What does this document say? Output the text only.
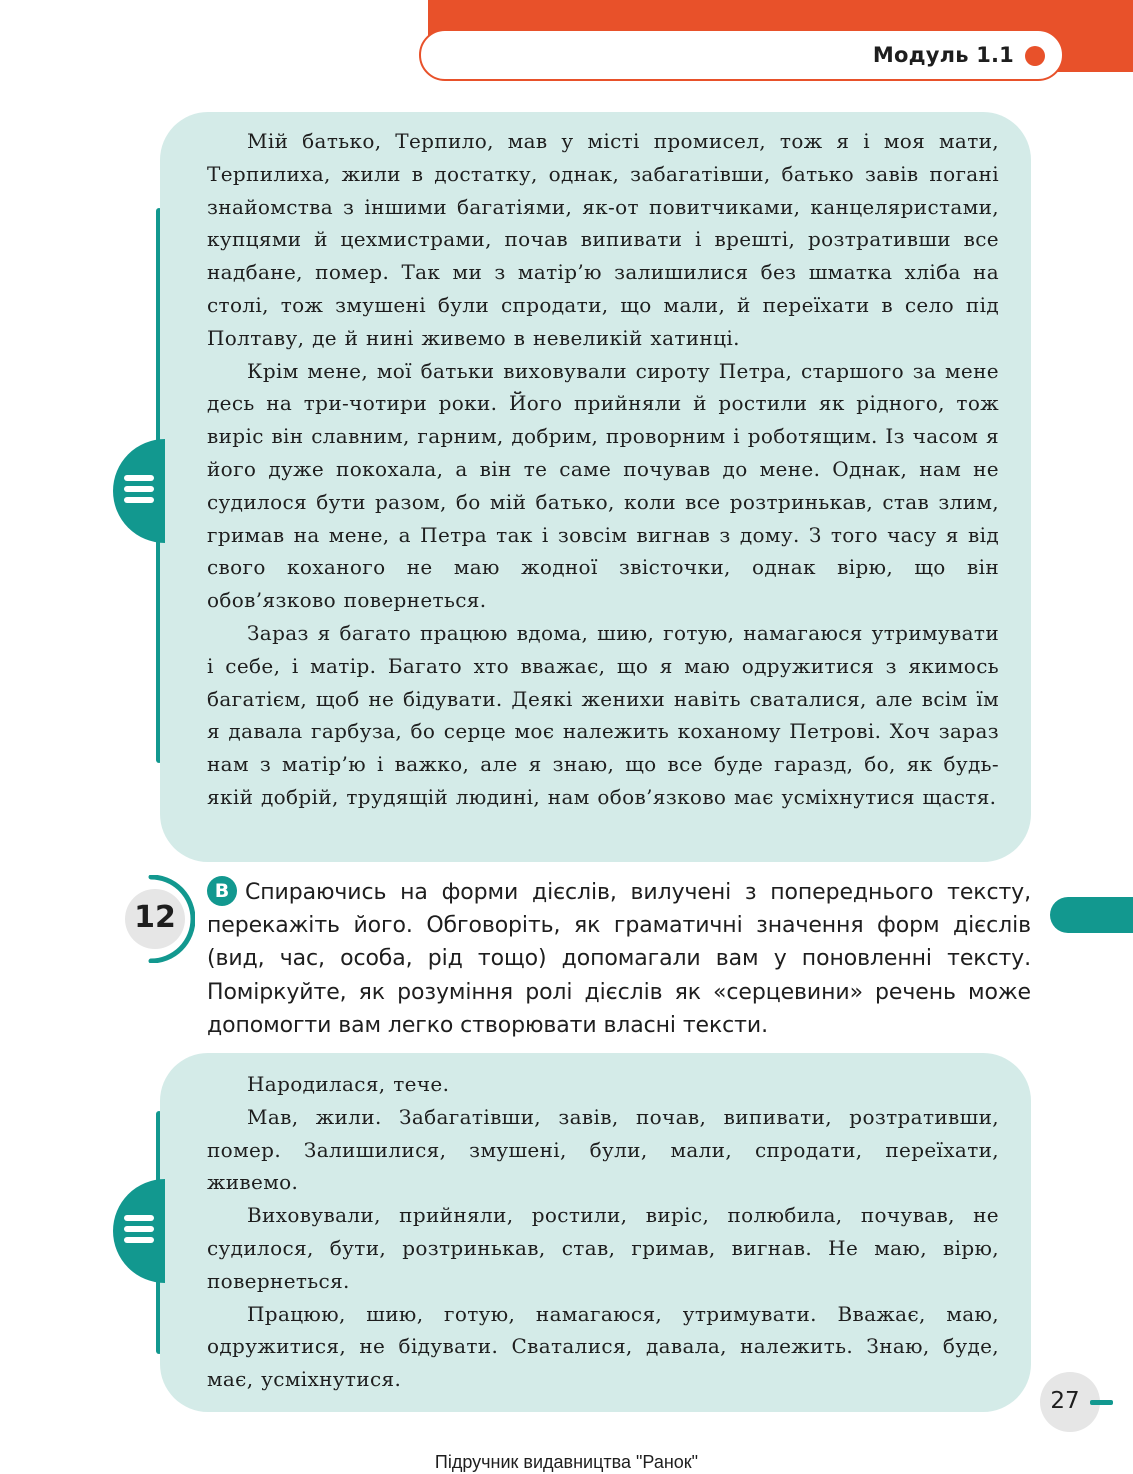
Модуль 1.1

Мій батько, Терпило, мав у місті промисел, тож я і моя мати, Терпилиха, жили в достатку, однак, забагатівши, батько завів погані знайомства з іншими багатіями, як-от повитчиками, канцеляристами, купцями й цехмистрами, почав випивати і врешті, розтративши все надбане, помер. Так ми з матір’ю залишилися без шматка хліба на столі, тож змушені були спродати, що мали, й переїхати в село під Полтаву, де й нині живемо в невеликій хатинці.

Крім мене, мої батьки виховували сироту Петра, старшого за мене десь на три-чотири роки. Його прийняли й ростили як рідного, тож виріс він славним, гарним, добрим, проворним і роботящим. Із часом я його дуже покохала, а він те саме почував до мене. Однак, нам не судилося бути разом, бо мій батько, коли все розтринькав, став злим, гримав на мене, а Петра так і зовсім вигнав з дому. З того часу я від свого коханого не маю жодної звісточки, однак вірю, що він обов’язково повернеться.

Зараз я багато працюю вдома, шию, готую, намагаюся утримувати і себе, і матір. Багато хто вважає, що я маю одружитися з якимось багатієм, щоб не бідувати. Деякі женихи навіть сваталися, але всім їм я давала гарбуза, бо серце моє належить коханому Петрові. Хоч зараз нам з матір’ю і важко, але я знаю, що все буде гаразд, бо, як будь-якій добрій, трудящій людині, нам обов’язково має усміхнутися щастя.

12

В Спираючись на форми дієслів, вилучені з попереднього тексту, перекажіть його. Обговоріть, як граматичні значення форм дієслів (вид, час, особа, рід тощо) допомагали вам у поновленні тексту. Поміркуйте, як розуміння ролі дієслів як «серцевини» речень може допомогти вам легко створювати власні тексти.

Народилася, тече.

Мав, жили. Забагатівши, завів, почав, випивати, розтративши, помер. Залишилися, змушені, були, мали, спродати, переїхати, живемо.

Виховували, прийняли, ростили, виріс, полюбила, почував, не судилося, бути, розтринькав, став, гримав, вигнав. Не маю, вірю, повернеться.

Працюю, шию, готую, намагаюся, утримувати. Вважає, маю, одружитися, не бідувати. Сваталися, давала, належить. Знаю, буде, має, усміхнутися.

27
Підручник видавництва "Ранок"
